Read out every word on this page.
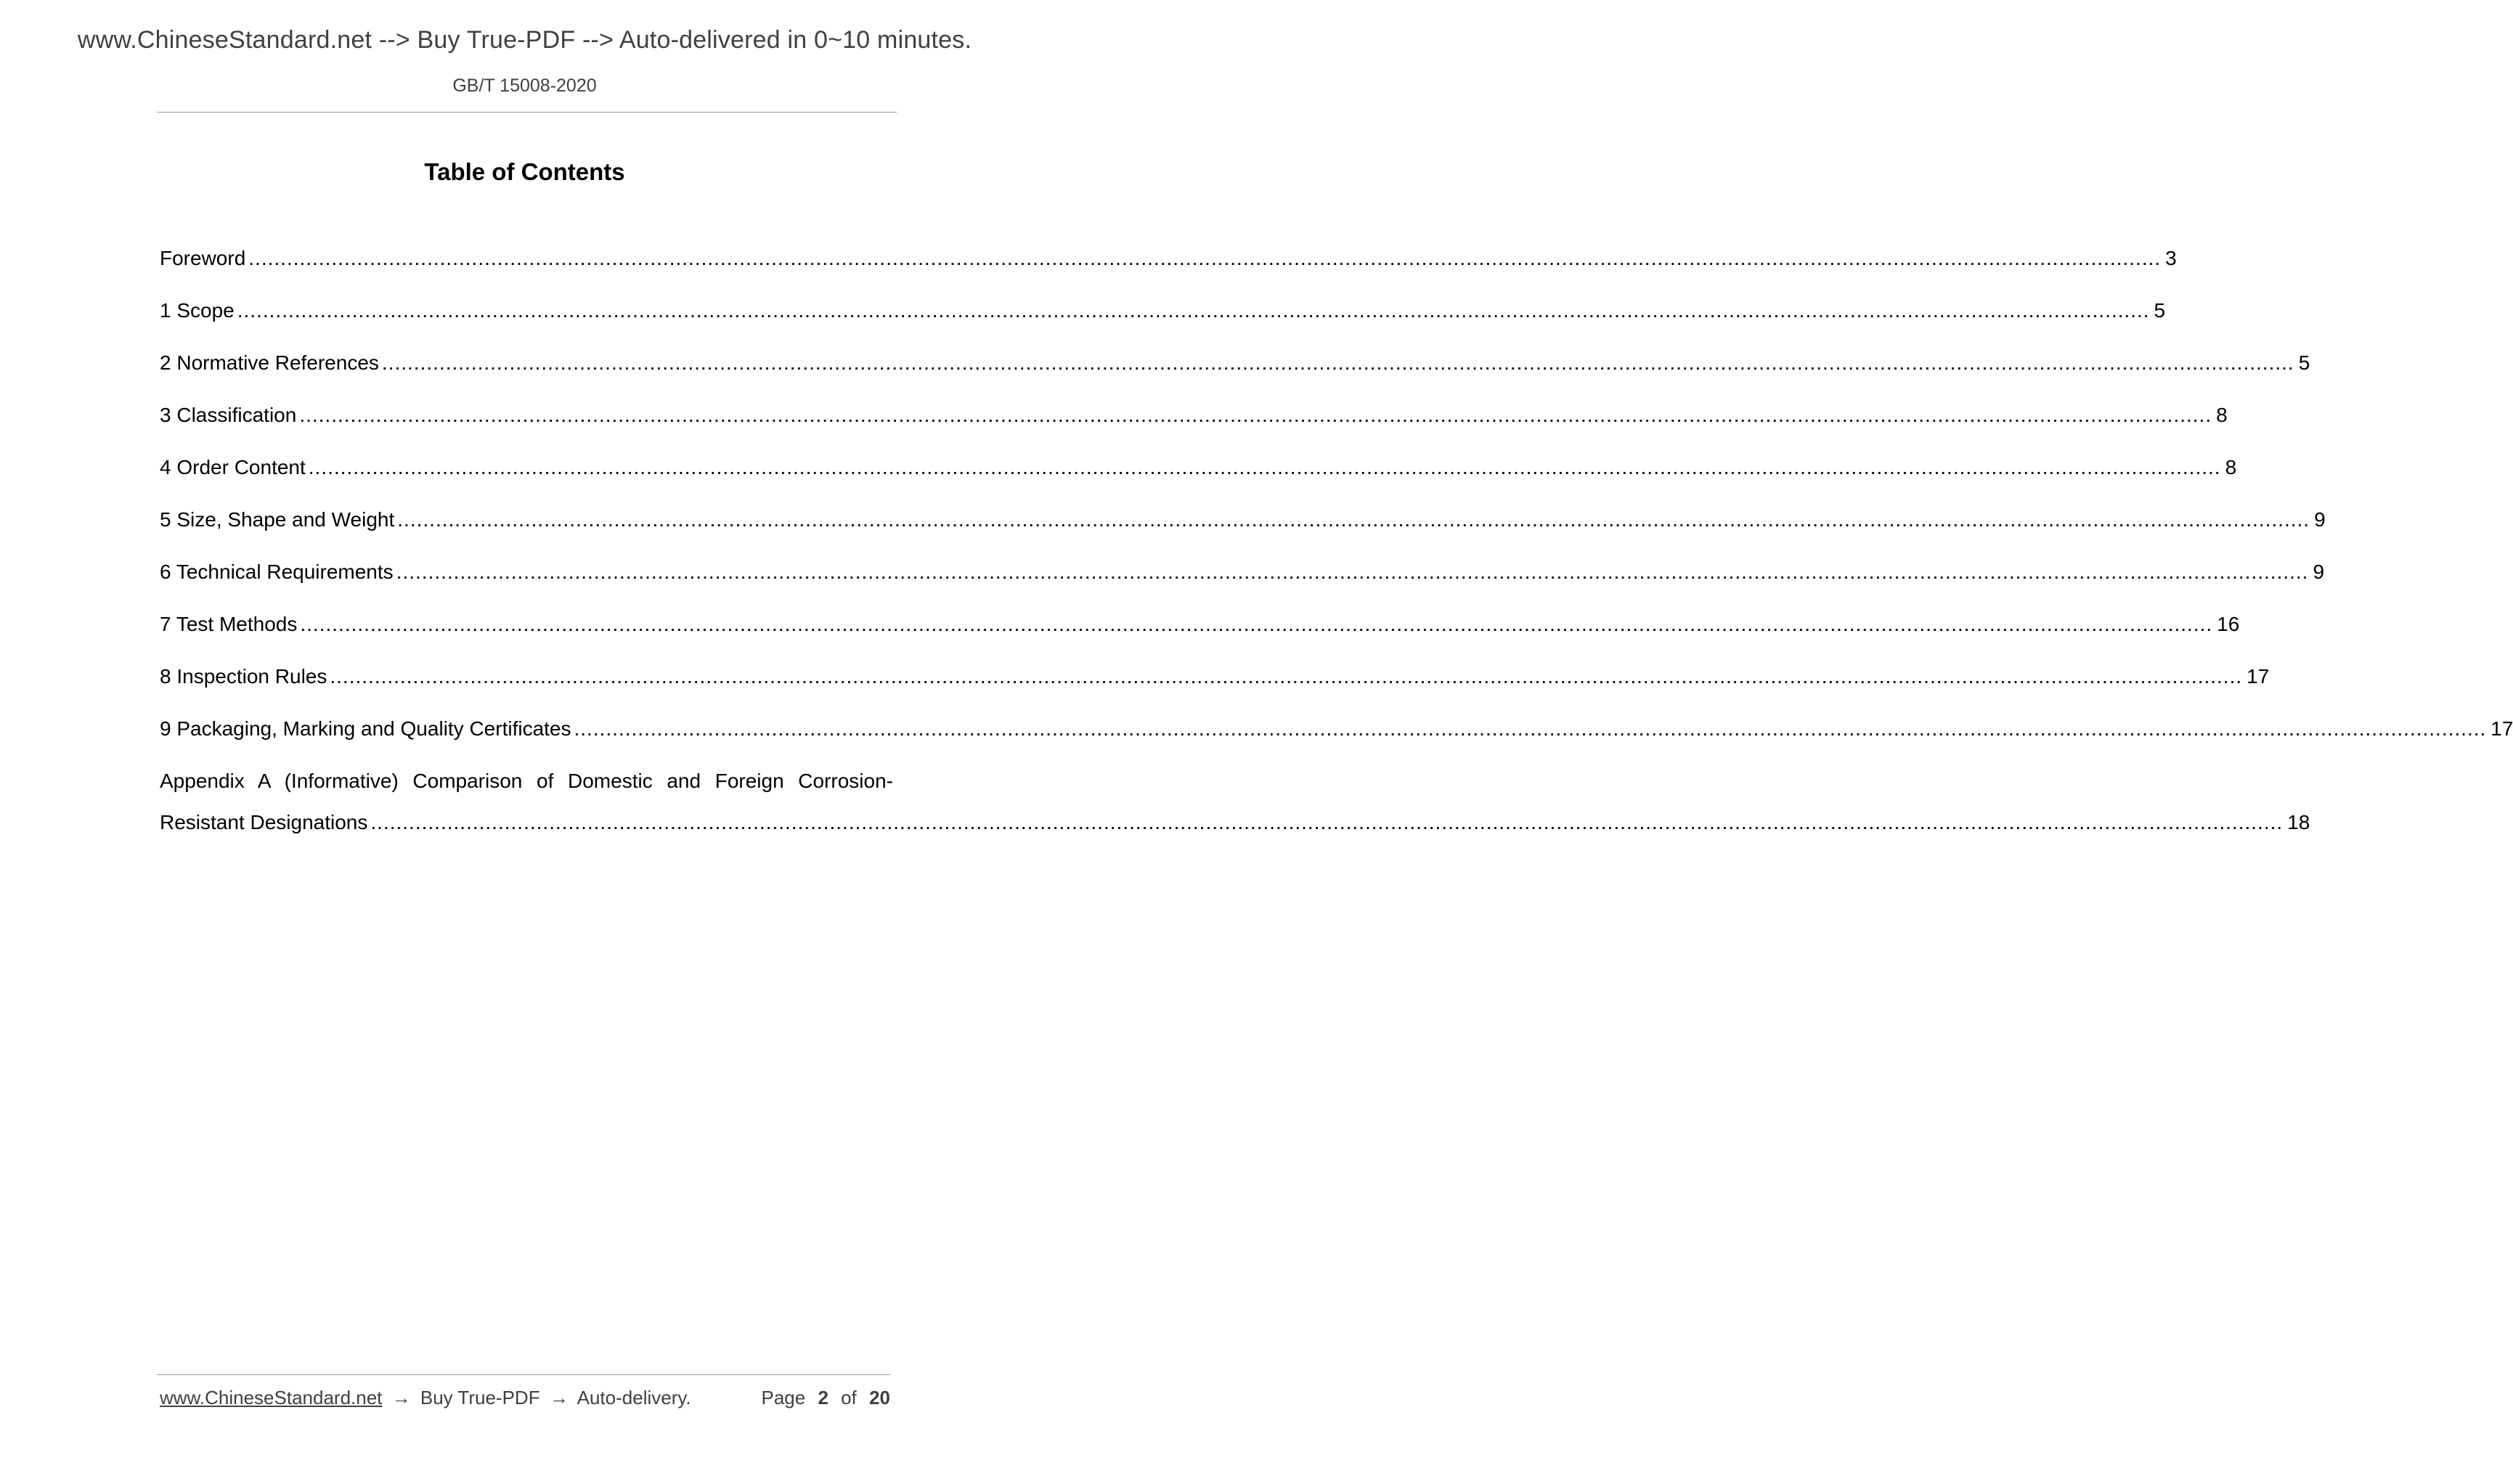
www.ChineseStandard.net --> Buy True-PDF --> Auto-delivered in 0~10 minutes.
GB/T 15008-2020
Table of Contents
Foreword ............................................................................................................................................................................................................................................................................................................ 3
1 Scope ............................................................................................................................................................................................................................................................................................................ 5
2 Normative References ............................................................................................................................................................................................................................................................................................................ 5
3 Classification ............................................................................................................................................................................................................................................................................................................ 8
4 Order Content ............................................................................................................................................................................................................................................................................................................ 8
5 Size, Shape and Weight ............................................................................................................................................................................................................................................................................................................ 9
6 Technical Requirements ............................................................................................................................................................................................................................................................................................................ 9
7 Test Methods ............................................................................................................................................................................................................................................................................................................ 16
8 Inspection Rules ............................................................................................................................................................................................................................................................................................................ 17
9 Packaging, Marking and Quality Certificates ............................................................................................................................................................................................................................................................................................................ 17
Appendix A (Informative) Comparison of Domestic and Foreign Corrosion-
Resistant Designations ............................................................................................................................................................................................................................................................................................................ 18
www.ChineseStandard.net → Buy True-PDF → Auto-delivery.	Page 2 of 20
